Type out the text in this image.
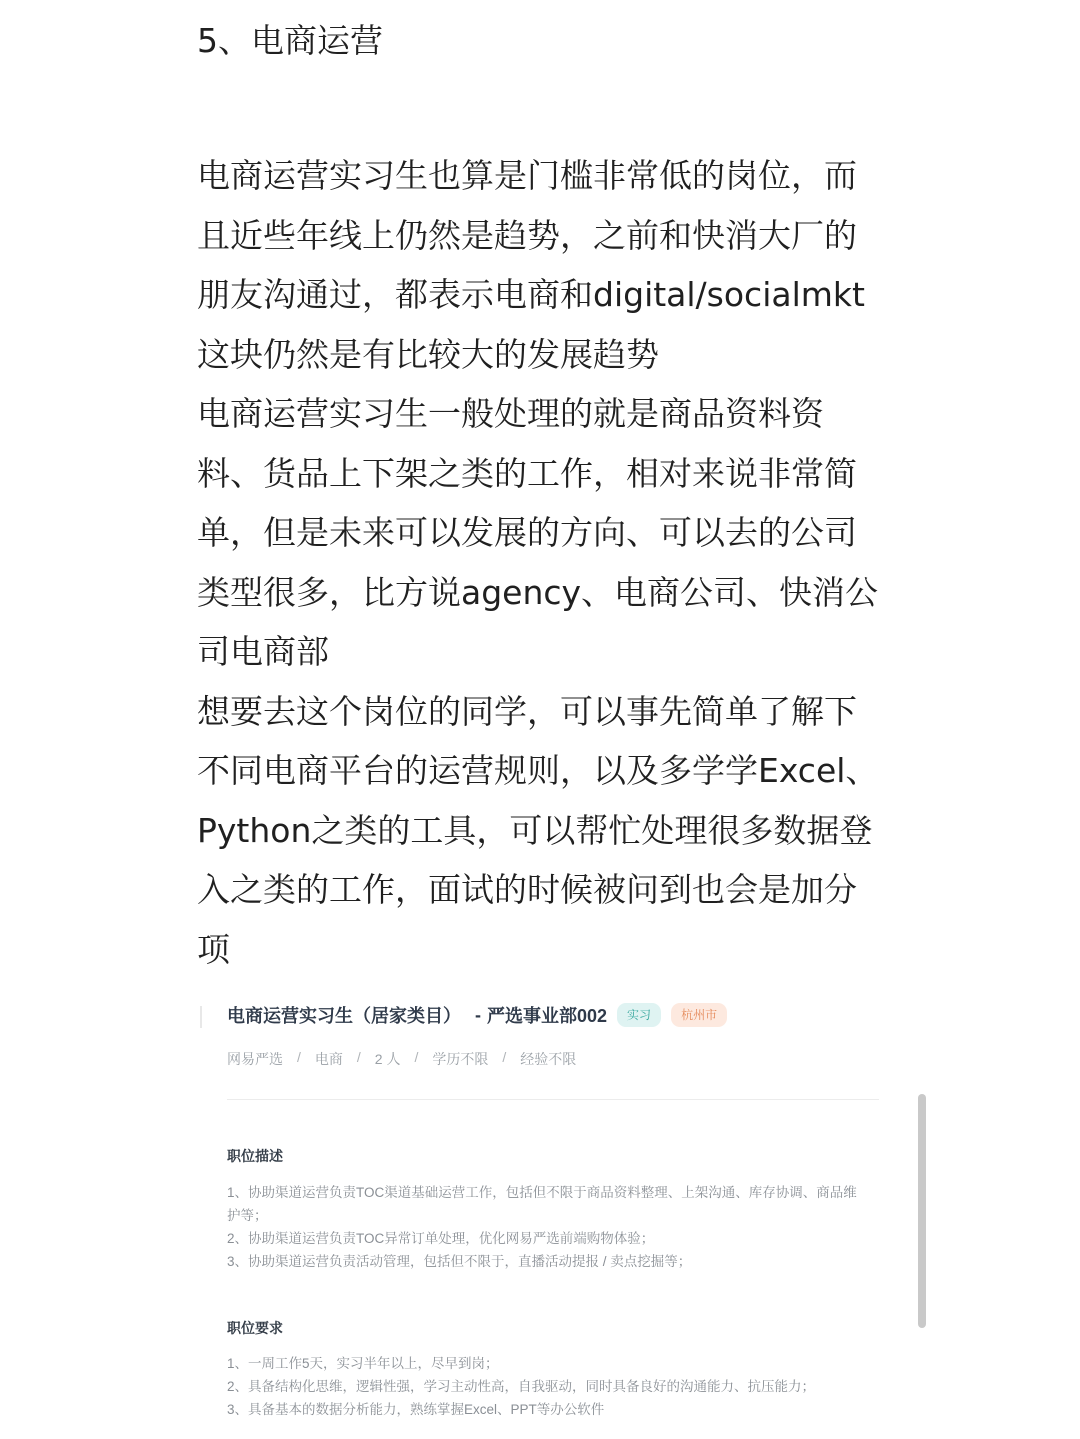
5、电商运营

电商运营实习生也算是门槛非常低的岗位，而且近些年线上仍然是趋势，之前和快消大厂的朋友沟通过，都表示电商和digital/socialmkt这块仍然是有比较大的发展趋势

电商运营实习生一般处理的就是商品资料资料、货品上下架之类的工作，相对来说非常简单，但是未来可以发展的方向、可以去的公司类型很多，比方说agency、电商公司、快消公司电商部

想要去这个岗位的同学，可以事先简单了解下不同电商平台的运营规则，以及多学学Excel、Python之类的工具，可以帮忙处理很多数据登入之类的工作，面试的时候被问到也会是加分项

电商运营实习生（居家类目） - 严选事业部002	实习	杭州市
网易严选 / 电商 / 2 人 / 学历不限 / 经验不限
职位描述
1、协助渠道运营负责TOC渠道基础运营工作，包括但不限于商品资料整理、上架沟通、库存协调、商品维护等；
2、协助渠道运营负责TOC异常订单处理，优化网易严选前端购物体验；
3、协助渠道运营负责活动管理，包括但不限于，直播活动提报 / 卖点挖掘等；
职位要求
1、一周工作5天，实习半年以上，尽早到岗；
2、具备结构化思维，逻辑性强，学习主动性高，自我驱动，同时具备良好的沟通能力、抗压能力；
3、具备基本的数据分析能力，熟练掌握Excel、PPT等办公软件
